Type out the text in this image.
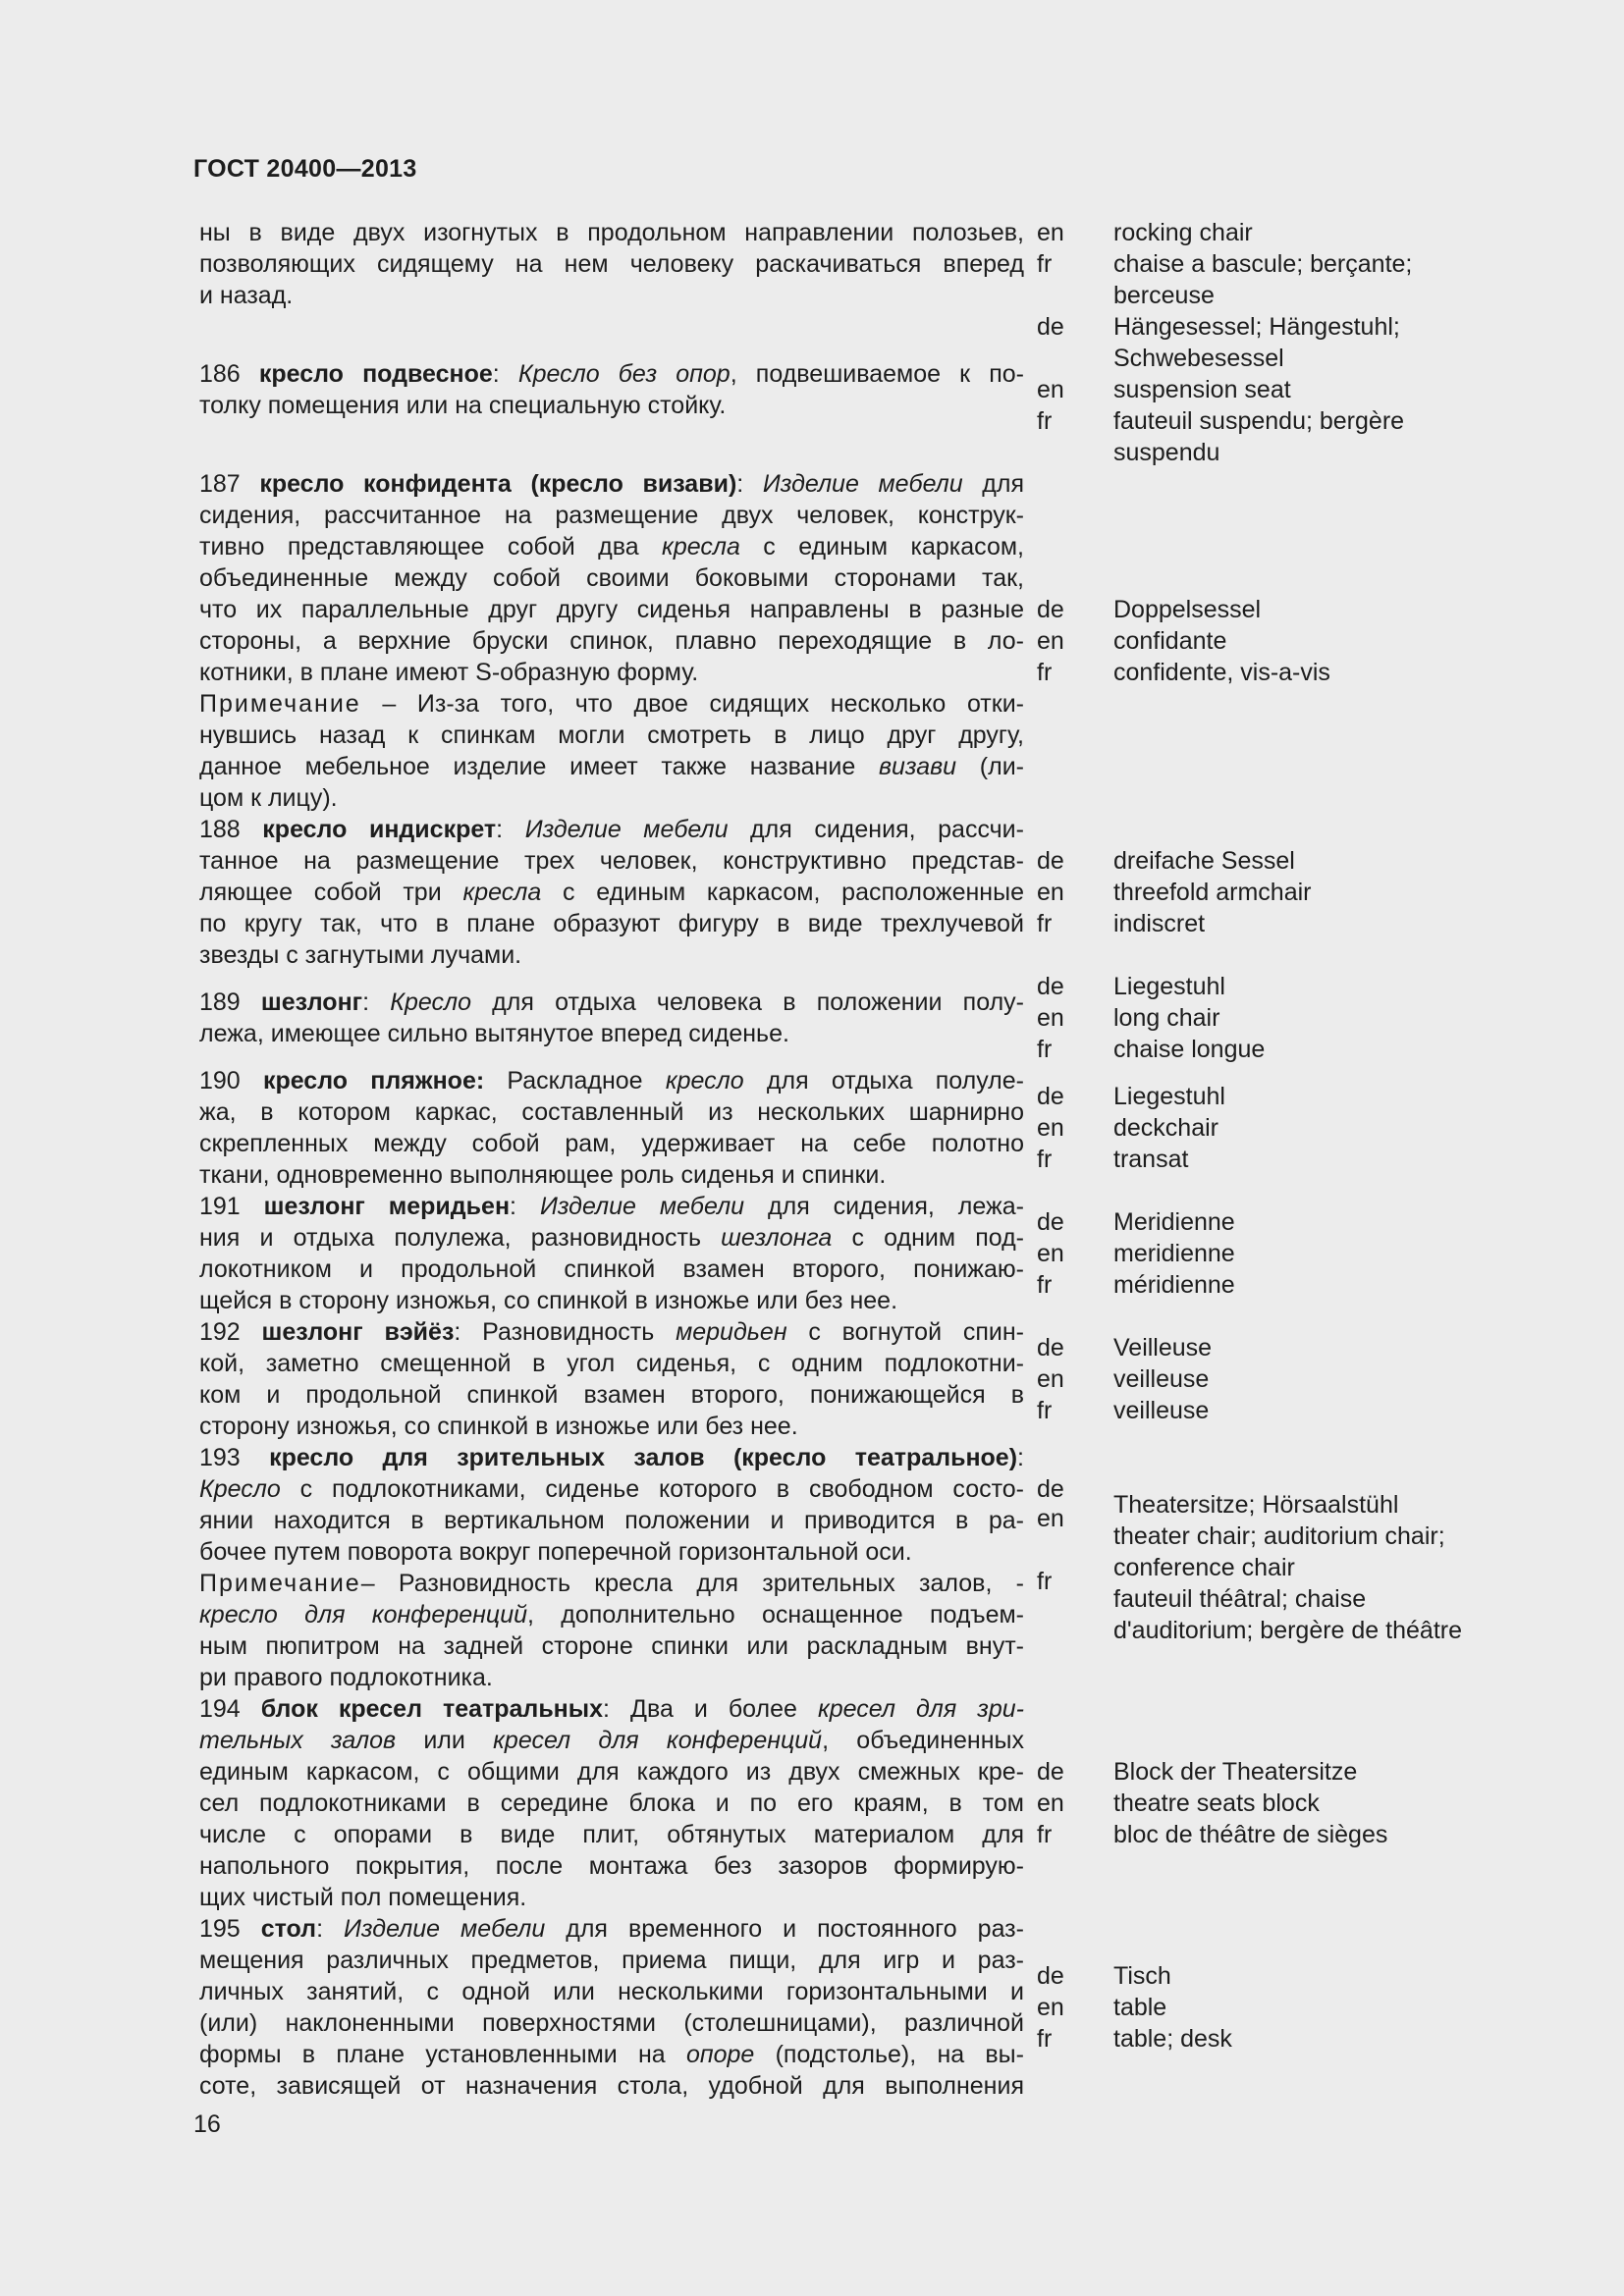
ГОСТ 20400—2013
ны в виде двух изогнутых в продольном направлении полозьев,
позволяющих сидящему на нем человеку раскачиваться вперед
и назад.
en
fr
de
rocking chair
chaise a bascule; berçante;
berceuse
Hängesessel; Hängestuhl;
Schwebesessel
186 кресло подвесное: Кресло без опор, подвешиваемое к по-
толку помещения или на специальную стойку.
en
fr
suspension seat
fauteuil suspendu; bergère
suspendu
187 кресло конфидента (кресло визави): Изделие мебели для
сидения, рассчитанное на размещение двух человек, конструк-
тивно представляющее собой два кресла с единым каркасом,
объединенные между собой своими боковыми сторонами так,
что их параллельные друг другу сиденья направлены в разные
стороны, а верхние бруски спинок, плавно переходящие в ло-
котники, в плане имеют S-образную форму.
Примечание – Из-за того, что двое сидящих несколько отки-
нувшись назад к спинкам могли смотреть в лицо друг другу,
данное мебельное изделие имеет также название визави (ли-
цом к лицу).
de
en
fr
Doppelsessel
confidante
confidente, vis-a-vis
188 кресло индискрет: Изделие мебели для сидения, рассчи-
танное на размещение трех человек, конструктивно представ-
ляющее собой три кресла с единым каркасом, расположенные
по кругу так, что в плане образуют фигуру в виде трехлучевой
звезды с загнутыми лучами.
de
en
fr
dreifache Sessel
threefold armchair
indiscret
189 шезлонг: Кресло для отдыха человека в положении полу-
лежа, имеющее сильно вытянутое вперед сиденье.
de
en
fr
Liegestuhl
long chair
chaise longue
190 кресло пляжное: Раскладное кресло для отдыха полуле-
жа, в котором каркас, составленный из нескольких шарнирно
скрепленных между собой рам, удерживает на себе полотно
ткани, одновременно выполняющее роль сиденья и спинки.
de
en
fr
Liegestuhl
deckchair
transat
191 шезлонг меридьен: Изделие мебели для сидения, лежа-
ния и отдыха полулежа, разновидность шезлонга с одним под-
локотником и продольной спинкой взамен второго, понижаю-
щейся в сторону изножья, со спинкой в изножье или без нее.
de
en
fr
Meridienne
meridienne
méridienne
192 шезлонг вэйёз: Разновидность меридьен с вогнутой спин-
кой, заметно смещенной в угол сиденья, с одним подлокотни-
ком и продольной спинкой взамен второго, понижающейся в
сторону изножья, со спинкой в изножье или без нее.
de
en
fr
Veilleuse
veilleuse
veilleuse
193 кресло для зрительных залов (кресло театральное):
Кресло с подлокотниками, сиденье которого в свободном состо-
янии находится в вертикальном положении и приводится в ра-
бочее путем поворота вокруг поперечной горизонтальной оси.
Примечание– Разновидность кресла для зрительных залов, -
кресло для конференций, дополнительно оснащенное подъем-
ным пюпитром на задней стороне спинки или раскладным внут-
ри правого подлокотника.
de
en
fr
Theatersitze; Hörsaalstühl
theater chair; auditorium chair;
conference chair
fauteuil théâtral; chaise
d'auditorium; bergère de théâtre
194 блок кресел театральных: Два и более кресел для зри-
тельных залов или кресел для конференций, объединенных
единым каркасом, с общими для каждого из двух смежных кре-
сел подлокотниками в середине блока и по его краям, в том
числе с опорами в виде плит, обтянутых материалом для
напольного покрытия, после монтажа без зазоров формирую-
щих чистый пол помещения.
de
en
fr
Block der Theatersitze
theatre seats block
bloc de théâtre de sièges
195 стол: Изделие мебели для временного и постоянного раз-
мещения различных предметов, приема пищи, для игр и раз-
личных занятий, с одной или несколькими горизонтальными и
(или) наклоненными поверхностями (столешницами), различной
формы в плане установленными на опоре (подстолье), на вы-
соте, зависящей от назначения стола, удобной для выполнения
de
en
fr
Tisch
table
table; desk
16
